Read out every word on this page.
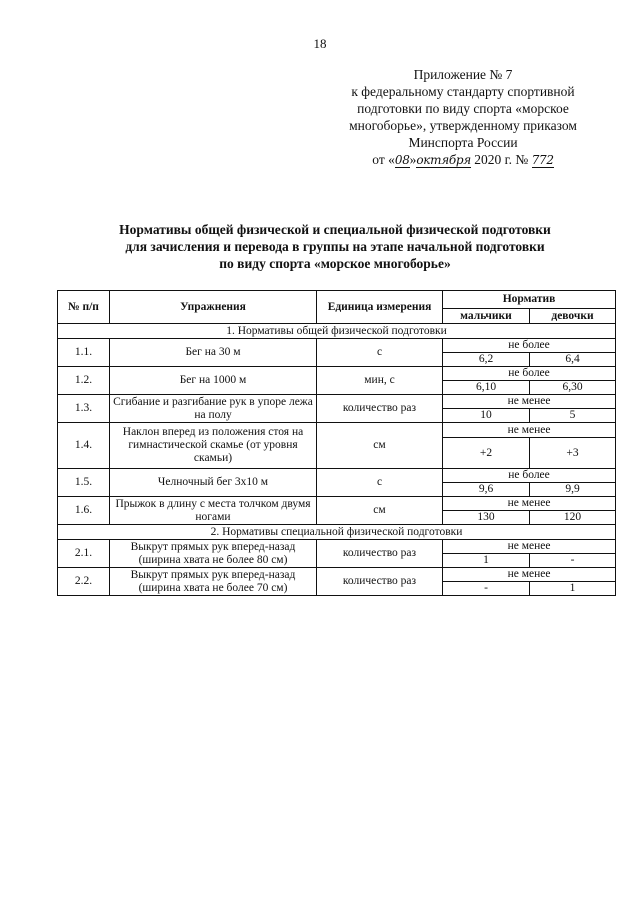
18
Приложение № 7
к федеральному стандарту спортивной
подготовки по виду спорта «морское
многоборье», утвержденному приказом
Минспорта России
от «08»октября 2020 г. № 772
Нормативы общей физической и специальной физической подготовки
для зачисления и перевода в группы на этапе начальной подготовки
по виду спорта «морское многоборье»
№ п/п	Упражнения	Единица измерения	Норматив	
			мальчики	девочки
1. Нормативы общей физической подготовки				
1.1.	Бег на 30 м	с	не более	
			6,2	6,4
1.2.	Бег на 1000 м	мин, с	не более	
			6,10	6,30
1.3.	Сгибание и разгибание рук в упоре лежа на полу	количество раз	не менее	
			10	5
1.4.	Наклон вперед из положения стоя на гимнастической скамье (от уровня скамьи)	см	не менее	
			+2	+3
1.5.	Челночный бег 3х10 м	с	не более	
			9,6	9,9
1.6.	Прыжок в длину с места толчком двумя ногами	см	не менее	
			130	120
2. Нормативы специальной физической подготовки				
2.1.	Выкрут прямых рук вперед-назад (ширина хвата не более 80 см)	количество раз	не менее	
			1	-
2.2.	Выкрут прямых рук вперед-назад (ширина хвата не более 70 см)	количество раз	не менее	
			-	1
